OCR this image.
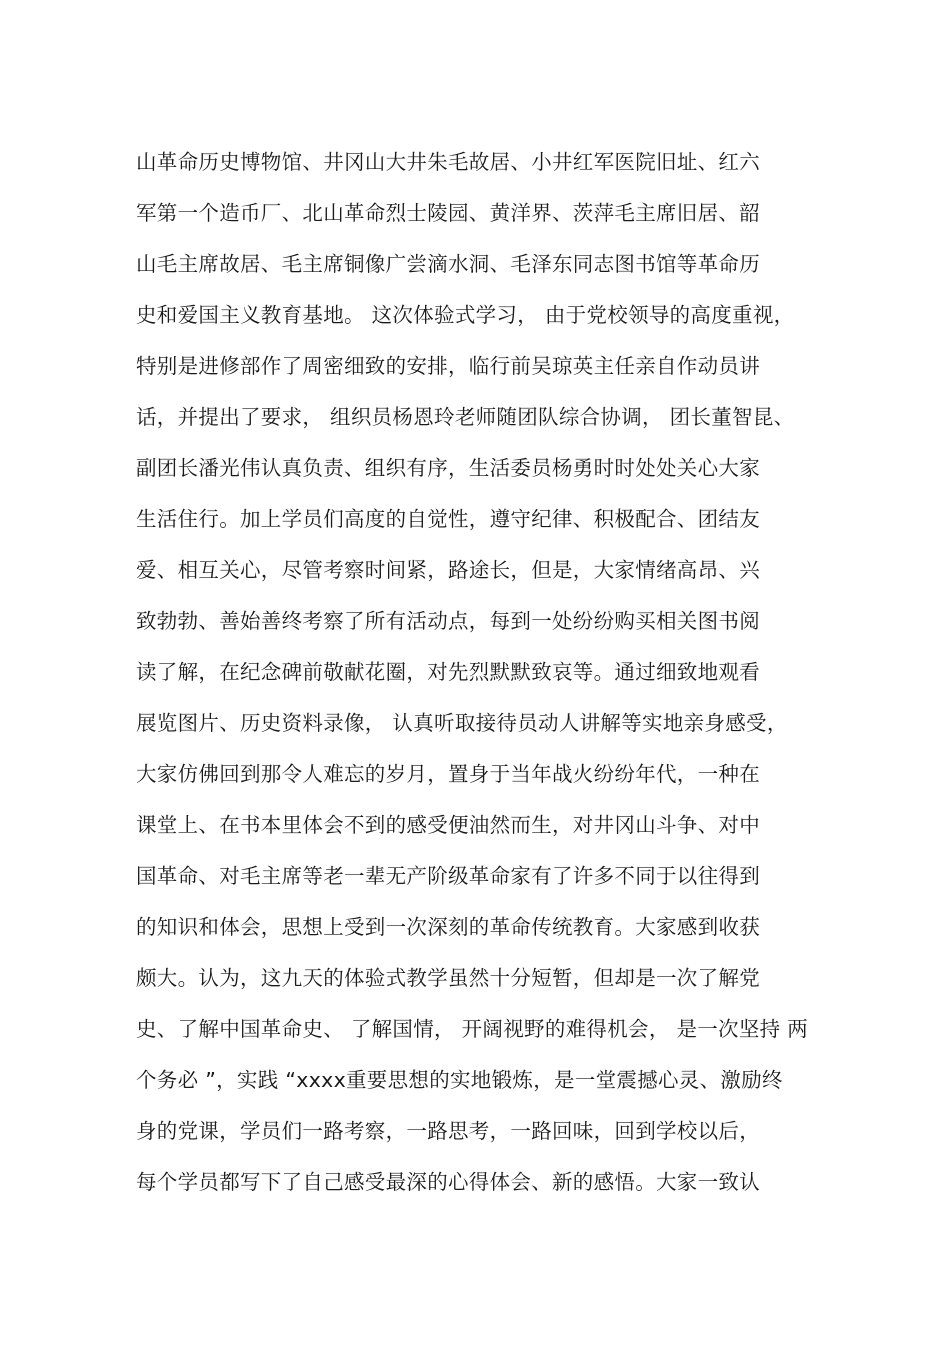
山革命历史博物馆、井冈山大井朱毛故居、小井红军医院旧址、红六
军第一个造币厂、北山革命烈士陵园、黄洋界、茨萍毛主席旧居、韶
山毛主席故居、毛主席铜像广尝滴水洞、毛泽东同志图书馆等革命历
史和爱国主义教育基地。 这次体验式学习， 由于党校领导的高度重视，
特别是进修部作了周密细致的安排，临行前吴琼英主任亲自作动员讲
话，并提出了要求， 组织员杨恩玲老师随团队综合协调， 团长董智昆、
副团长潘光伟认真负责、组织有序，生活委员杨勇时时处处关心大家
生活住行。加上学员们高度的自觉性，遵守纪律、积极配合、团结友
爱、相互关心，尽管考察时间紧，路途长，但是，大家情绪高昂、兴
致勃勃、善始善终考察了所有活动点，每到一处纷纷购买相关图书阅
读了解，在纪念碑前敬献花圈，对先烈默默致哀等。通过细致地观看
展览图片、历史资料录像， 认真听取接待员动人讲解等实地亲身感受，
大家仿佛回到那令人难忘的岁月，置身于当年战火纷纷年代，一种在
课堂上、在书本里体会不到的感受便油然而生，对井冈山斗争、对中
国革命、对毛主席等老一辈无产阶级革命家有了许多不同于以往得到
的知识和体会，思想上受到一次深刻的革命传统教育。大家感到收获
颇大。认为，这九天的体验式教学虽然十分短暂，但却是一次了解党
史、了解中国革命史、 了解国情， 开阔视野的难得机会， 是一次坚持 两
个务必 ”，实践 “xxxx重要思想的实地锻炼，是一堂震撼心灵、激励终
身的党课，学员们一路考察，一路思考，一路回味，回到学校以后，
每个学员都写下了自己感受最深的心得体会、新的感悟。大家一致认
